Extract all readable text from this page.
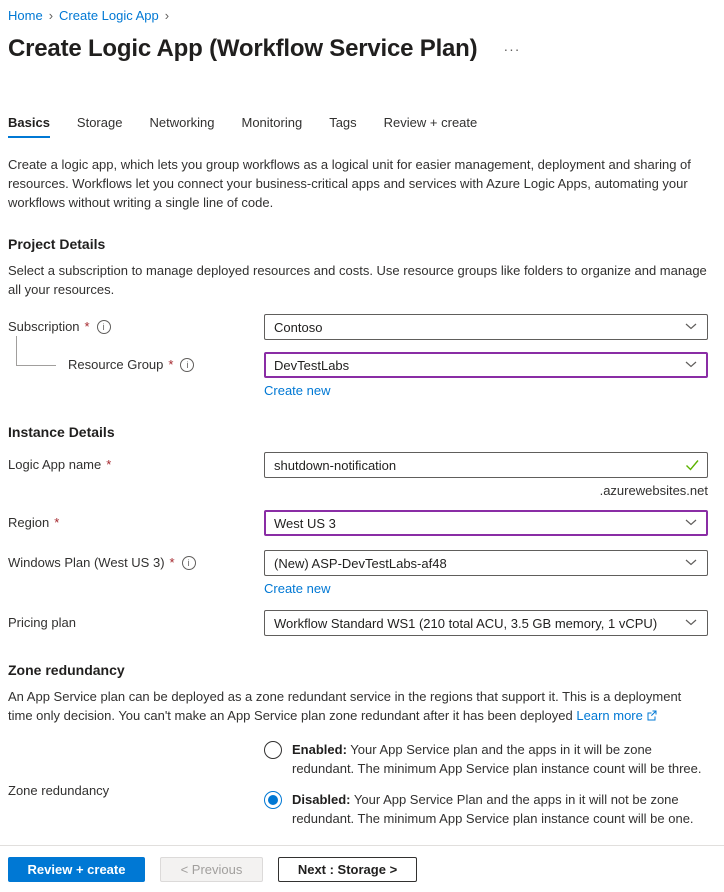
Home › Create Logic App ›
Create Logic App (Workflow Service Plan) ···
Basics Storage Networking Monitoring Tags Review + create

Create a logic app, which lets you group workflows as a logical unit for easier management, deployment and sharing of resources. Workflows let you connect your business-critical apps and services with Azure Logic Apps, automating your workflows without writing a single line of code.

Project Details

Select a subscription to manage deployed resources and costs. Use resource groups like folders to organize and manage all your resources.

Subscription *	i	Contoso
Resource Group *	i	DevTestLabs
Create new
Instance Details
Logic App name *
shutdown-notification
.azurewebsites.net
Region *	West US 3
Windows Plan (West US 3) *	i	(New) ASP-DevTestLabs-af48
Create new
Pricing plan	Workflow Standard WS1 (210 total ACU, 3.5 GB memory, 1 vCPU)
Zone redundancy

An App Service plan can be deployed as a zone redundant service in the regions that support it. This is a deployment time only decision. You can't make an App Service plan zone redundant after it has been deployed Learn more

Zone redundancy
Enabled: Your App Service plan and the apps in it will be zone redundant. The minimum App Service plan instance count will be three.
Disabled: Your App Service Plan and the apps in it will not be zone redundant. The minimum App Service plan instance count will be one.
Review + create	< Previous	Next : Storage >
